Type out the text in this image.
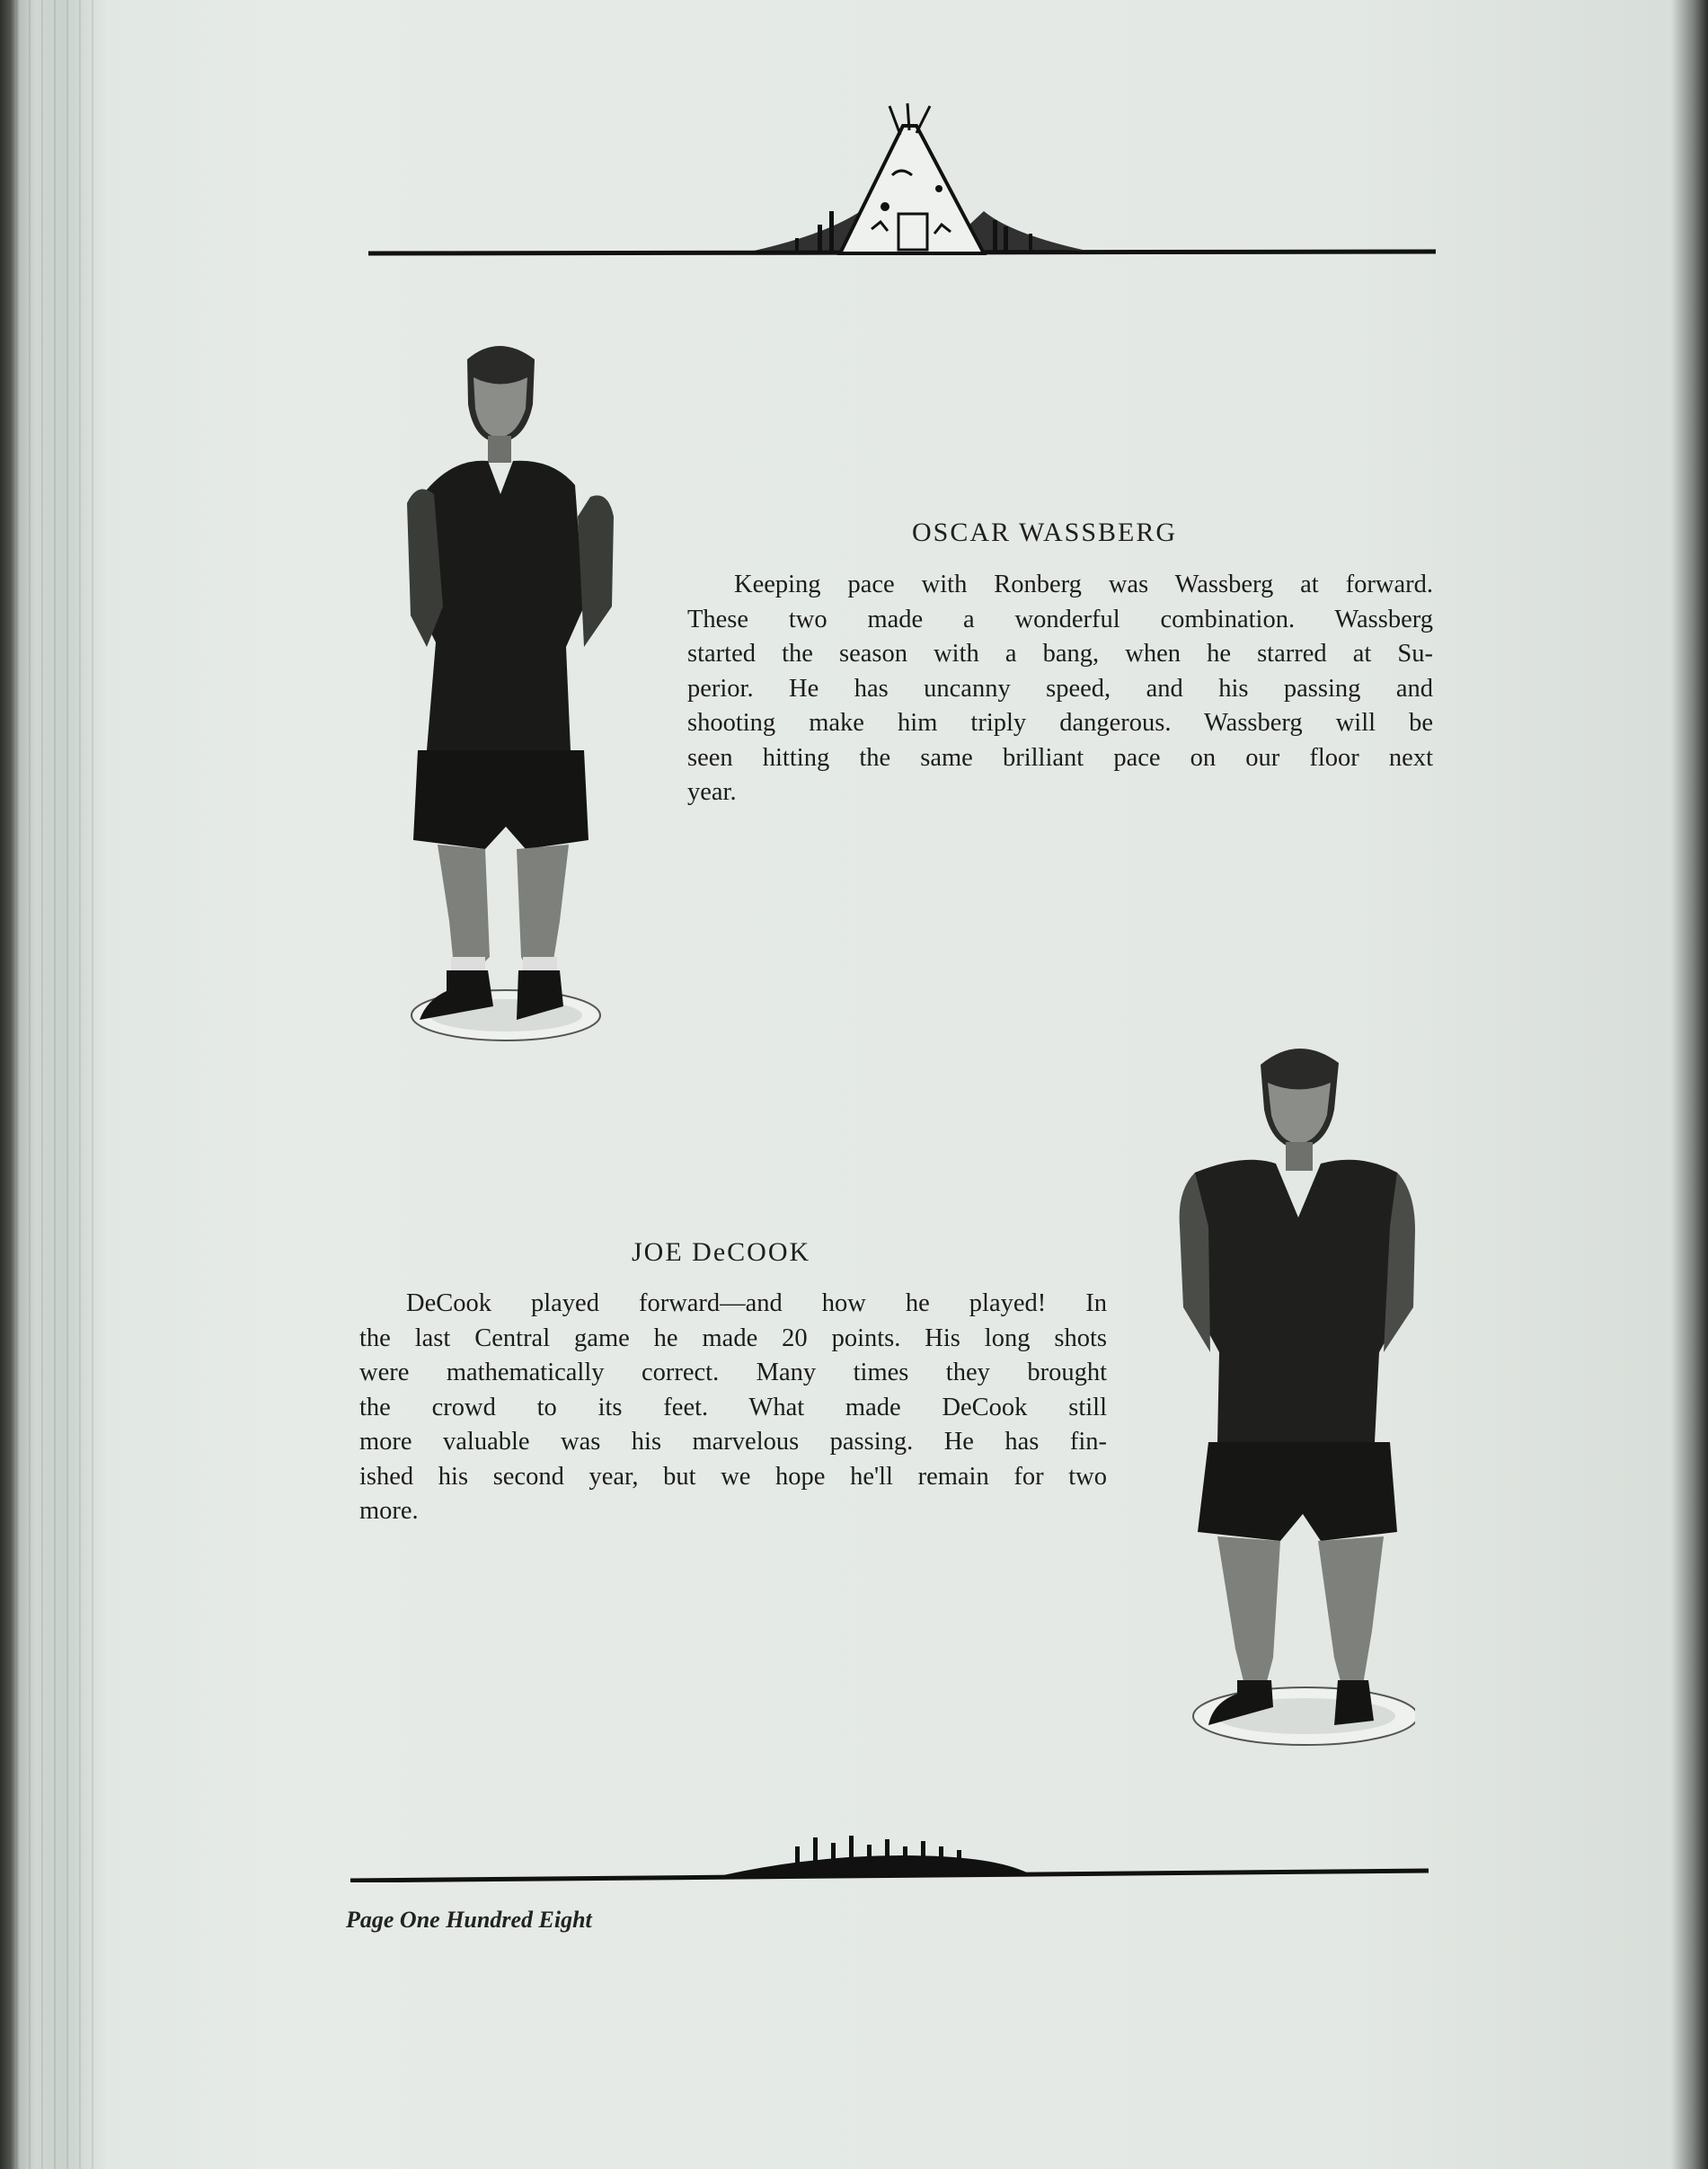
OSCAR WASSBERG
Keeping pace with Ronberg was Wassberg at forward.
These two made a wonderful combination. Wassberg
started the season with a bang, when he starred at Su-
perior. He has uncanny speed, and his passing and
shooting make him triply dangerous. Wassberg will be
seen hitting the same brilliant pace on our floor next
year.
JOE DeCOOK
DeCook played forward—and how he played! In
the last Central game he made 20 points. His long shots
were mathematically correct. Many times they brought
the crowd to its feet. What made DeCook still
more valuable was his marvelous passing. He has fin-
ished his second year, but we hope he'll remain for two
more.
Page One Hundred Eight
